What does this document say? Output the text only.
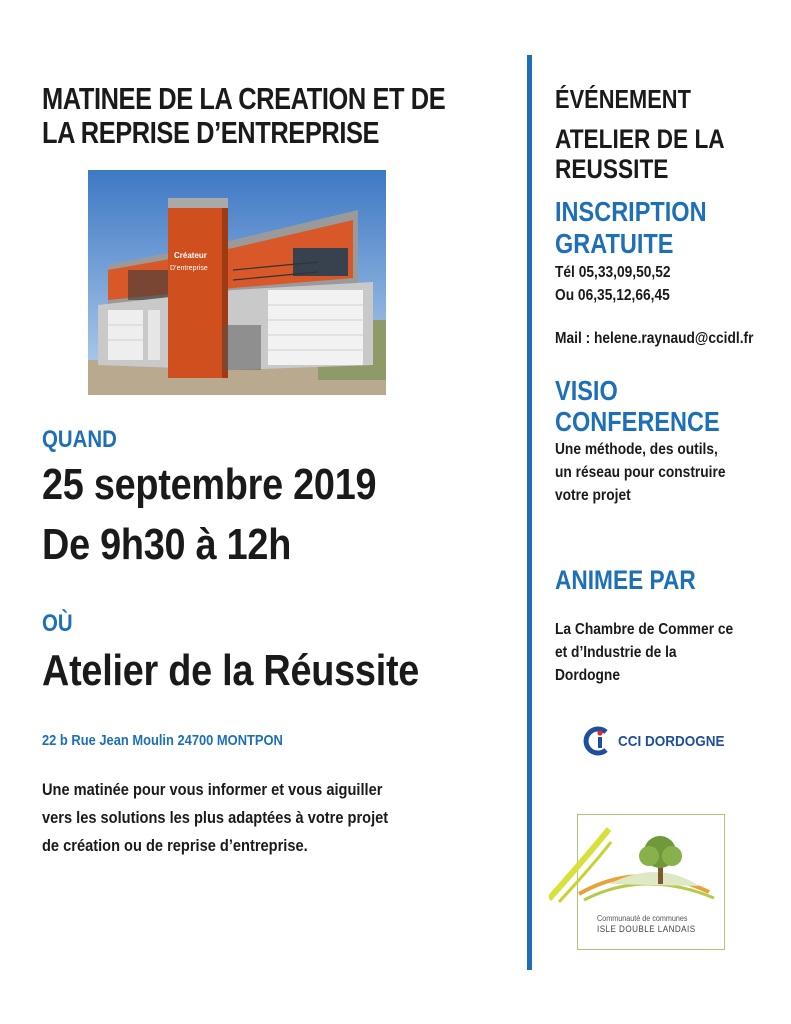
MATINEE DE LA CREATION ET DE
LA REPRISE D’ENTREPRISE
Créateur
D’entreprise
QUAND
25 septembre 2019
De 9h30 à 12h
OÙ
Atelier de la Réussite
22 b Rue Jean Moulin 24700 MONTPON
Une matinée pour vous informer et vous aiguiller
vers les solutions les plus adaptées à votre projet
de création ou de reprise d’entreprise.
ÉVÉNEMENT
ATELIER DE LA
REUSSITE
INSCRIPTION
GRATUITE
Tél 05,33,09,50,52
Ou 06,35,12,66,45
Mail : helene.raynaud@ccidl.fr
VISIO
CONFERENCE
Une méthode, des outils,
un réseau pour construire
votre projet
ANIMEE PAR
La Chambre de Commer ce
et d’Industrie de la
Dordogne
CCI DORDOGNE
Communauté de communes
ISLE DOUBLE LANDAIS
